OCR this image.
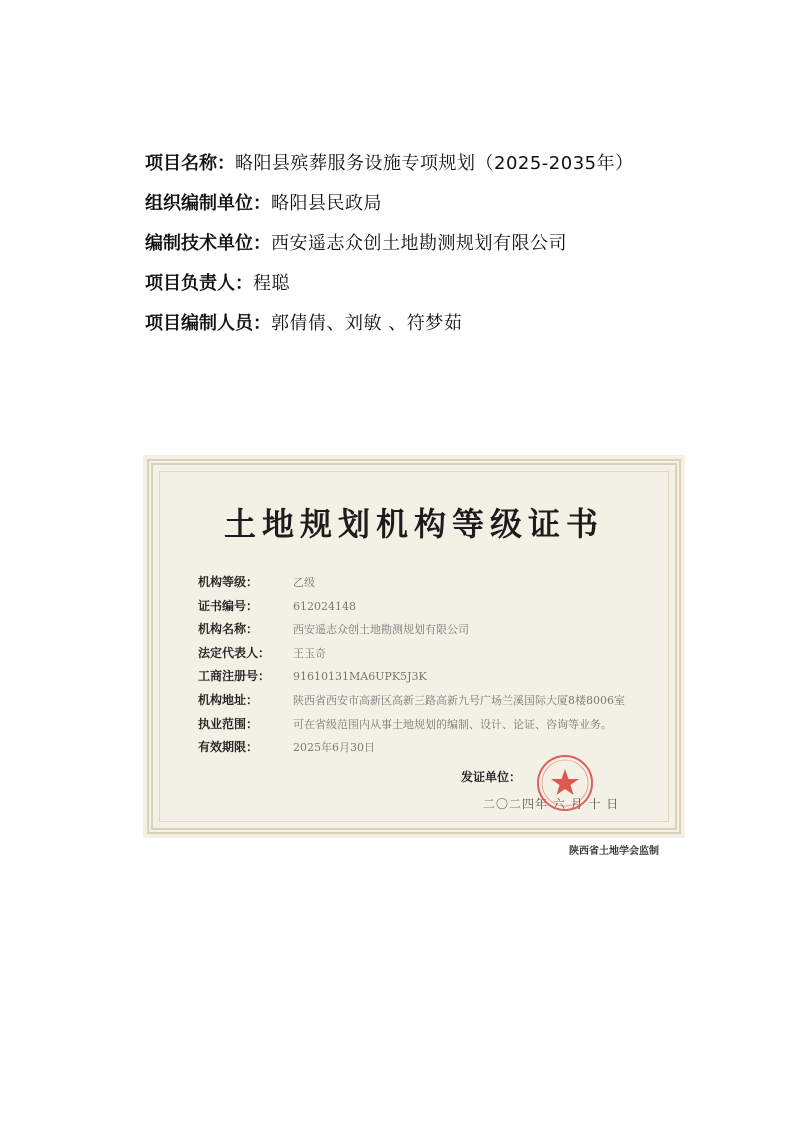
项目名称：略阳县殡葬服务设施专项规划（2025-2035年）
组织编制单位：略阳县民政局
编制技术单位：西安遥志众创土地勘测规划有限公司
项目负责人：程聪
项目编制人员：郭倩倩、刘敏 、符梦茹
土地规划机构等级证书
机构等级：	乙级
证书编号：	612024148
机构名称：	西安遥志众创土地勘测规划有限公司
法定代表人： 王玉奇
工商注册号： 91610131MA6UPK5J3K
机构地址：	陕西省西安市高新区高新三路高新九号广场兰溪国际大厦8楼8006室
执业范围：	可在省级范围内从事土地规划的编制、设计、论证、咨询等业务。
有效期限：	2025年6月30日
发证单位：
二〇二四年 六 月 十 日
陕西省土地学会监制
